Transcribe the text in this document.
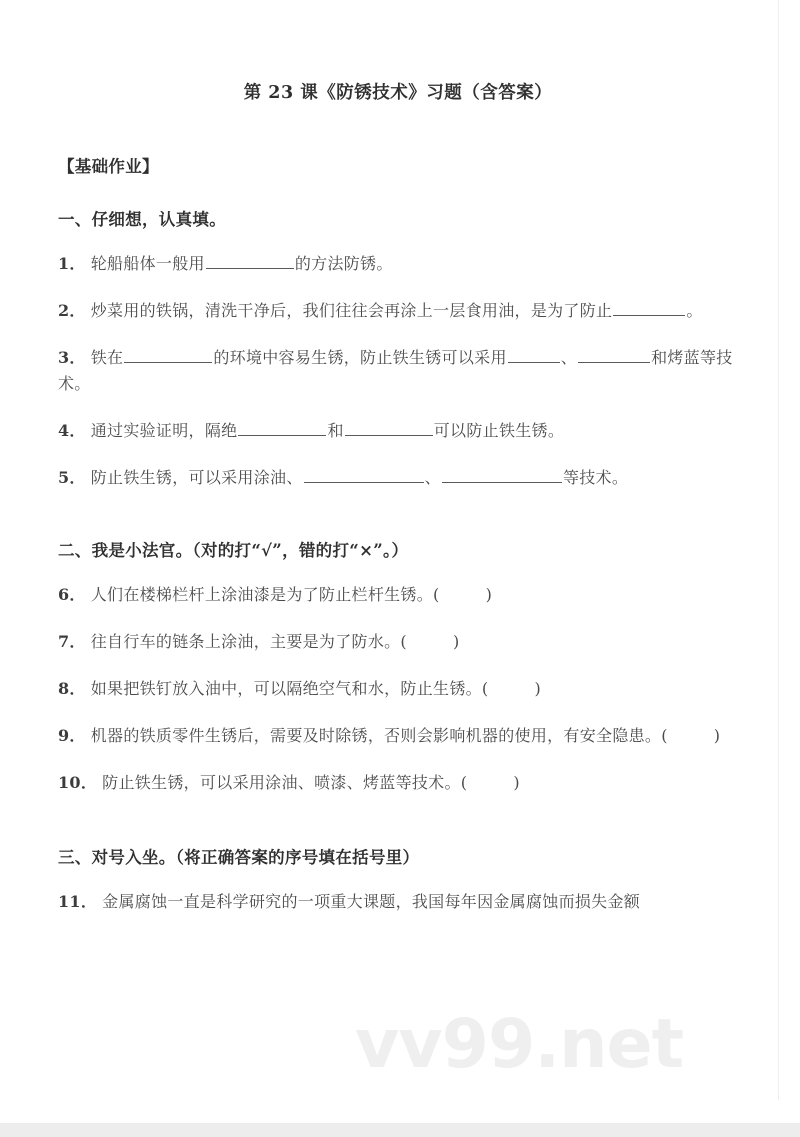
vv99.net
第 23 课《防锈技术》习题（含答案）
【基础作业】
一、仔细想，认真填。
1． 轮船船体一般用	的方法防锈。
2． 炒菜用的铁锅，清洗干净后，我们往往会再涂上一层食用油，是为了防止	。
3． 铁在	的环境中容易生锈，防止铁生锈可以采用	、	和烤蓝等技术。
4． 通过实验证明，隔绝	和	可以防止铁生锈。
5． 防止铁生锈，可以采用涂油、	、	等技术。
二、我是小法官。（对的打“√”，错的打“×”。）
6． 人们在楼梯栏杆上涂油漆是为了防止栏杆生锈。(	)
7． 往自行车的链条上涂油，主要是为了防水。(	)
8． 如果把铁钉放入油中，可以隔绝空气和水，防止生锈。(	)
9． 机器的铁质零件生锈后，需要及时除锈，否则会影响机器的使用，有安全隐患。(	)
10． 防止铁生锈，可以采用涂油、喷漆、烤蓝等技术。(	)
三、对号入坐。（将正确答案的序号填在括号里）
11． 金属腐蚀一直是科学研究的一项重大课题，我国每年因金属腐蚀而损失金额
